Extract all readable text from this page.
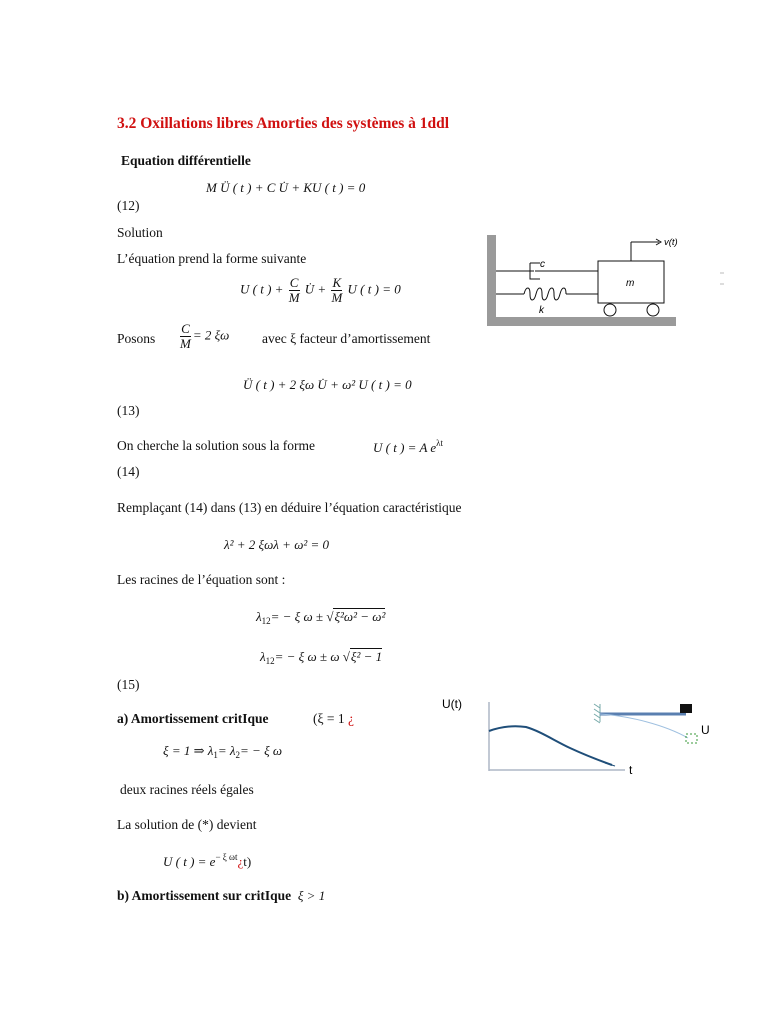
3.2 Oxillations libres Amorties des systèmes à 1ddl
Equation différentielle
M Ü ( t ) + C U̇ + KU ( t ) = 0
(12)
Solution
L’équation prend la forme suivante
U ( t ) + $\frac{C}{M}$ U̇ + $\frac{K}{M}$ U ( t ) = 0
Posons $\frac{C}{M} = 2$ ξω avec ξ facteur d’amortissement
Ü ( t ) + 2 ξω U̇ + ω² U ( t ) = 0
(13)
On cherche la solution sous la forme	U ( t ) = A $e^{\lambda t}$
(14)
Remplaçant (14) dans (13) en déduire l’équation caractéristique
λ² + 2 ξωλ + ω² = 0
Les racines de l’équation sont :
$\lambda_{12}= - \xi$ ω ± √ξ²ω² − ω²
$\lambda_{12}= - \xi$ ω ± ω √ξ² − 1
(15)
a) Amortissement critIque	(ξ = 1 ¿
ξ = 1 ⇒ $\lambda_1= \lambda_2= - \xi$ ω
deux racines réels égales
La solution de (*) devient
U ( t ) = $e^{- \xi \omega t}¿t$)
b) Amortissement sur critIque ξ > 1
c
k
m
v(t)
U(t)
t
U
